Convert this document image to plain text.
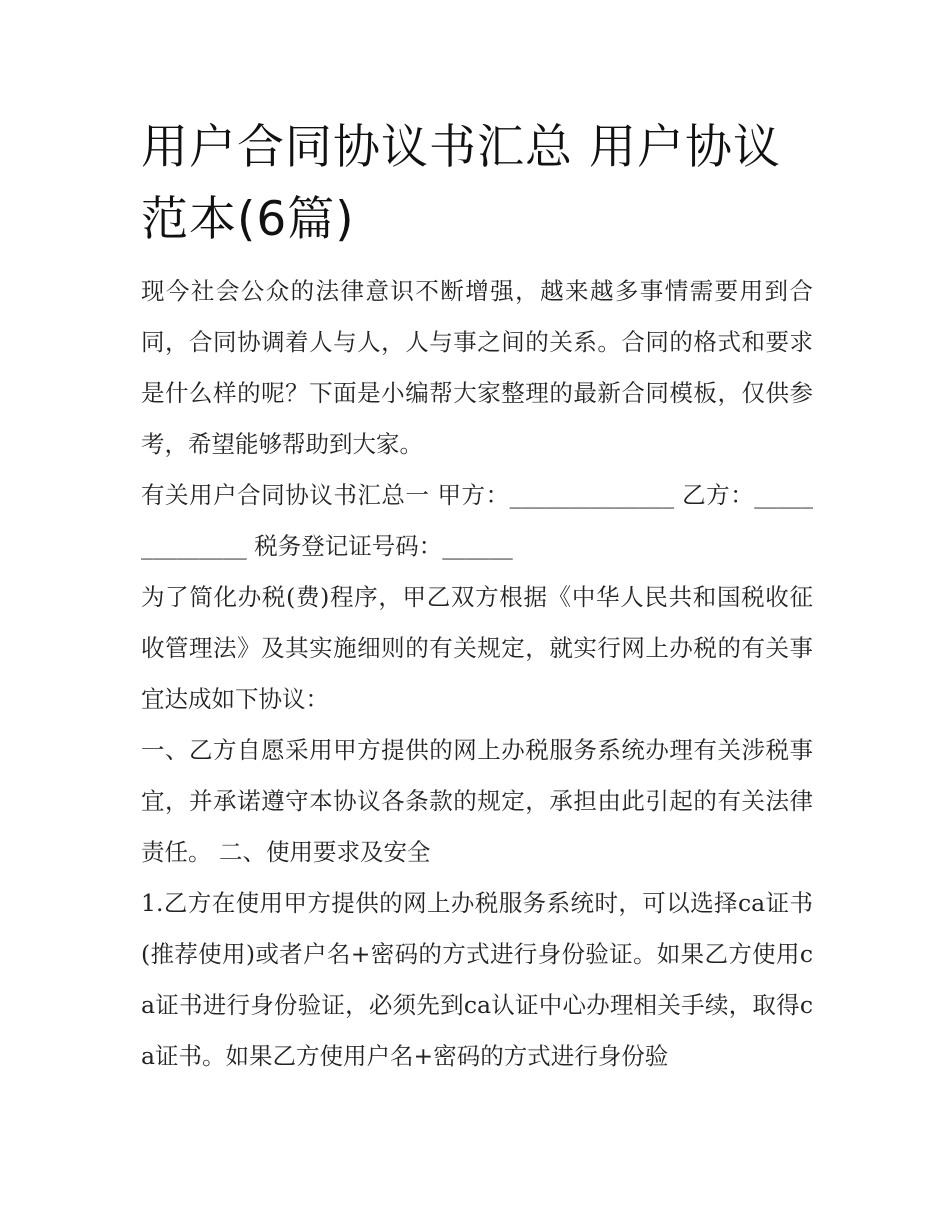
用户合同协议书汇总 用户协议范本(6篇)

现今社会公众的法律意识不断增强，越来越多事情需要用到合同，合同协调着人与人，人与事之间的关系。合同的格式和要求是什么样的呢？下面是小编帮大家整理的最新合同模板，仅供参考，希望能够帮助到大家。

有关用户合同协议书汇总一 甲方：______________ 乙方：______________ 税务登记证号码：______

为了简化办税(费)程序，甲乙双方根据《中华人民共和国税收征收管理法》及其实施细则的有关规定，就实行网上办税的有关事宜达成如下协议：

一、乙方自愿采用甲方提供的网上办税服务系统办理有关涉税事宜，并承诺遵守本协议各条款的规定，承担由此引起的有关法律责任。 二、使用要求及安全

1.乙方在使用甲方提供的网上办税服务系统时，可以选择ca证书(推荐使用)或者户名+密码的方式进行身份验证。如果乙方使用ca证书进行身份验证，必须先到ca认证中心办理相关手续，取得ca证书。如果乙方使用户名+密码的方式进行身份验
